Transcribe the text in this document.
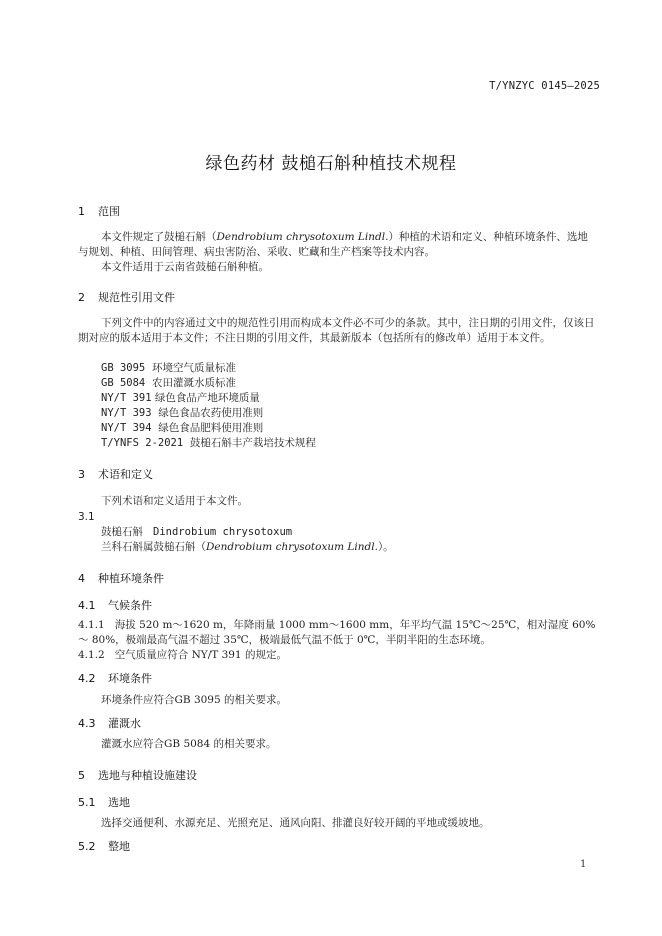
T/YNZYC 0145—2025
绿色药材 鼓槌石斛种植技术规程
1 范围
本文件规定了鼓槌石斛（Dendrobium chrysotoxum Lindl.）种植的术语和定义、种植环境条件、选地与规划、种植、田间管理、病虫害防治、采收、贮藏和生产档案等技术内容。
本文件适用于云南省鼓槌石斛种植。
2 规范性引用文件
下列文件中的内容通过文中的规范性引用而构成本文件必不可少的条款。其中，注日期的引用文件，仅该日期对应的版本适用于本文件；不注日期的引用文件，其最新版本（包括所有的修改单）适用于本文件。
GB 3095 环境空气质量标准
GB 5084 农田灌溉水质标准
NY/T 391 绿色食品产地环境质量
NY/T 393 绿色食品农药使用准则
NY/T 394 绿色食品肥料使用准则
T/YNFS 2-2021 鼓槌石斛丰产栽培技术规程
3 术语和定义
下列术语和定义适用于本文件。
3.1
鼓槌石斛 Dindrobium chrysotoxum
兰科石斛属鼓槌石斛（Dendrobium chrysotoxum Lindl.）。
4 种植环境条件
4.1 气候条件
4.1.1 海拔 520 m～1620 m，年降雨量 1000 mm～1600 mm，年平均气温 15℃～25℃，相对湿度 60%～ 80%，极端最高气温不超过 35℃，极端最低气温不低于 0℃，半阴半阳的生态环境。
4.1.2 空气质量应符合 NY/T 391 的规定。
4.2 环境条件
环境条件应符合GB 3095 的相关要求。
4.3 灌溉水
灌溉水应符合GB 5084 的相关要求。
5 选地与种植设施建设
5.1 选地
选择交通便利、水源充足、光照充足、通风向阳、排灌良好较开阔的平地或缓坡地。
5.2 整地
1
